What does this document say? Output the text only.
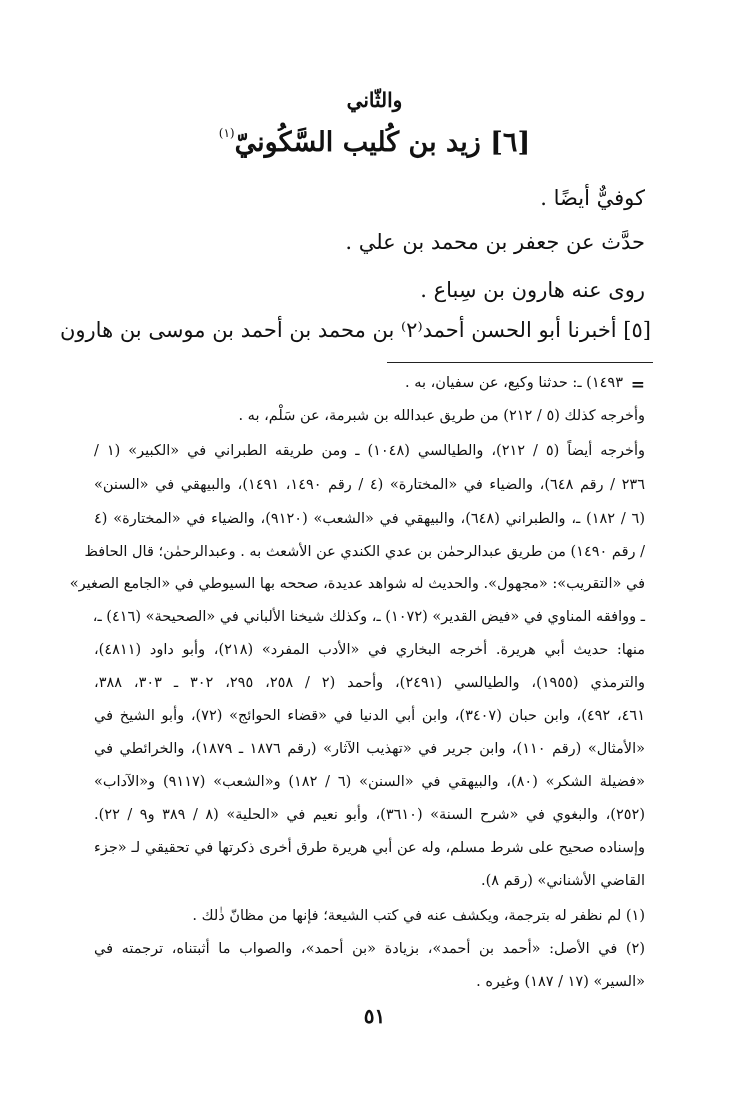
والثّاني
[٦] زيد بن كُليب السَّكُونيّ$^{(١)}$
كوفيٌّ أيضًا .
حدَّث عن جعفر بن محمد بن علي .
روى عنه هارون بن سِباع .
[٥] أخبرنا أبو الحسن أحمد⁽٢⁾ بن محمد بن أحمد بن موسى بن هارون
=
١٤٩٣) ـ: حدثنا وكيع، عن سفيان، به .
وأخرجه كذلك (٥ / ٢١٢) من طريق عبدالله بن شبرمة، عن سَلْم، به .
وأخرجه أيضاً (٥ / ٢١٢)، والطيالسي (١٠٤٨) ـ ومن طريقه الطبراني في «الكبير» (١ /
٢٣٦ / رقم ٦٤٨)، والضياء في «المختارة» (٤ / رقم ١٤٩٠، ١٤٩١)، والبيهقي في «السنن»
(٦ / ١٨٢) ـ، والطبراني (٦٤٨)، والبيهقي في «الشعب» (٩١٢٠)، والضياء في «المختارة» (٤
/ رقم ١٤٩٠) من طريق عبدالرحمٰن بن عدي الكندي عن الأشعث به . وعبدالرحمٰن؛ قال الحافظ
في «التقريب»: «مجهول». والحديث له شواهد عديدة، صححه بها السيوطي في «الجامع الصغير»
ـ ووافقه المناوي في «فيض القدير» (١٠٧٢) ـ، وكذلك شيخنا الألباني في «الصحيحة» (٤١٦) ـ،
منها: حديث أبي هريرة. أخرجه البخاري في «الأدب المفرد» (٢١٨)، وأبو داود (٤٨١١)،
والترمذي (١٩٥٥)، والطيالسي (٢٤٩١)، وأحمد (٢ / ٢٥٨، ٢٩٥، ٣٠٢ ـ ٣٠٣، ٣٨٨،
٤٦١، ٤٩٢)، وابن حبان (٣٤٠٧)، وابن أبي الدنيا في «قضاء الحوائج» (٧٢)، وأبو الشيخ في
«الأمثال» (رقم ١١٠)، وابن جرير في «تهذيب الآثار» (رقم ١٨٧٦ ـ ١٨٧٩)، والخرائطي في
«فضيلة الشكر» (٨٠)، والبيهقي في «السنن» (٦ / ١٨٢) و«الشعب» (٩١١٧) و«الآداب»
(٢٥٢)، والبغوي في «شرح السنة» (٣٦١٠)، وأبو نعيم في «الحلية» (٨ / ٣٨٩ و٩ / ٢٢).
وإسناده صحيح على شرط مسلم، وله عن أبي هريرة طرق أخرى ذكرتها في تحقيقي لـ «جزء
القاضي الأشناني» (رقم ٨).
(١) لم نظفر له بترجمة، ويكشف عنه في كتب الشيعة؛ فإنها من مظانّ ذٰلك .
(٢) في الأصل: «أحمد بن أحمد»، بزيادة «بن أحمد»، والصواب ما أثبتناه، ترجمته في
«السير» (١٧ / ١٨٧) وغيره .
٥١
